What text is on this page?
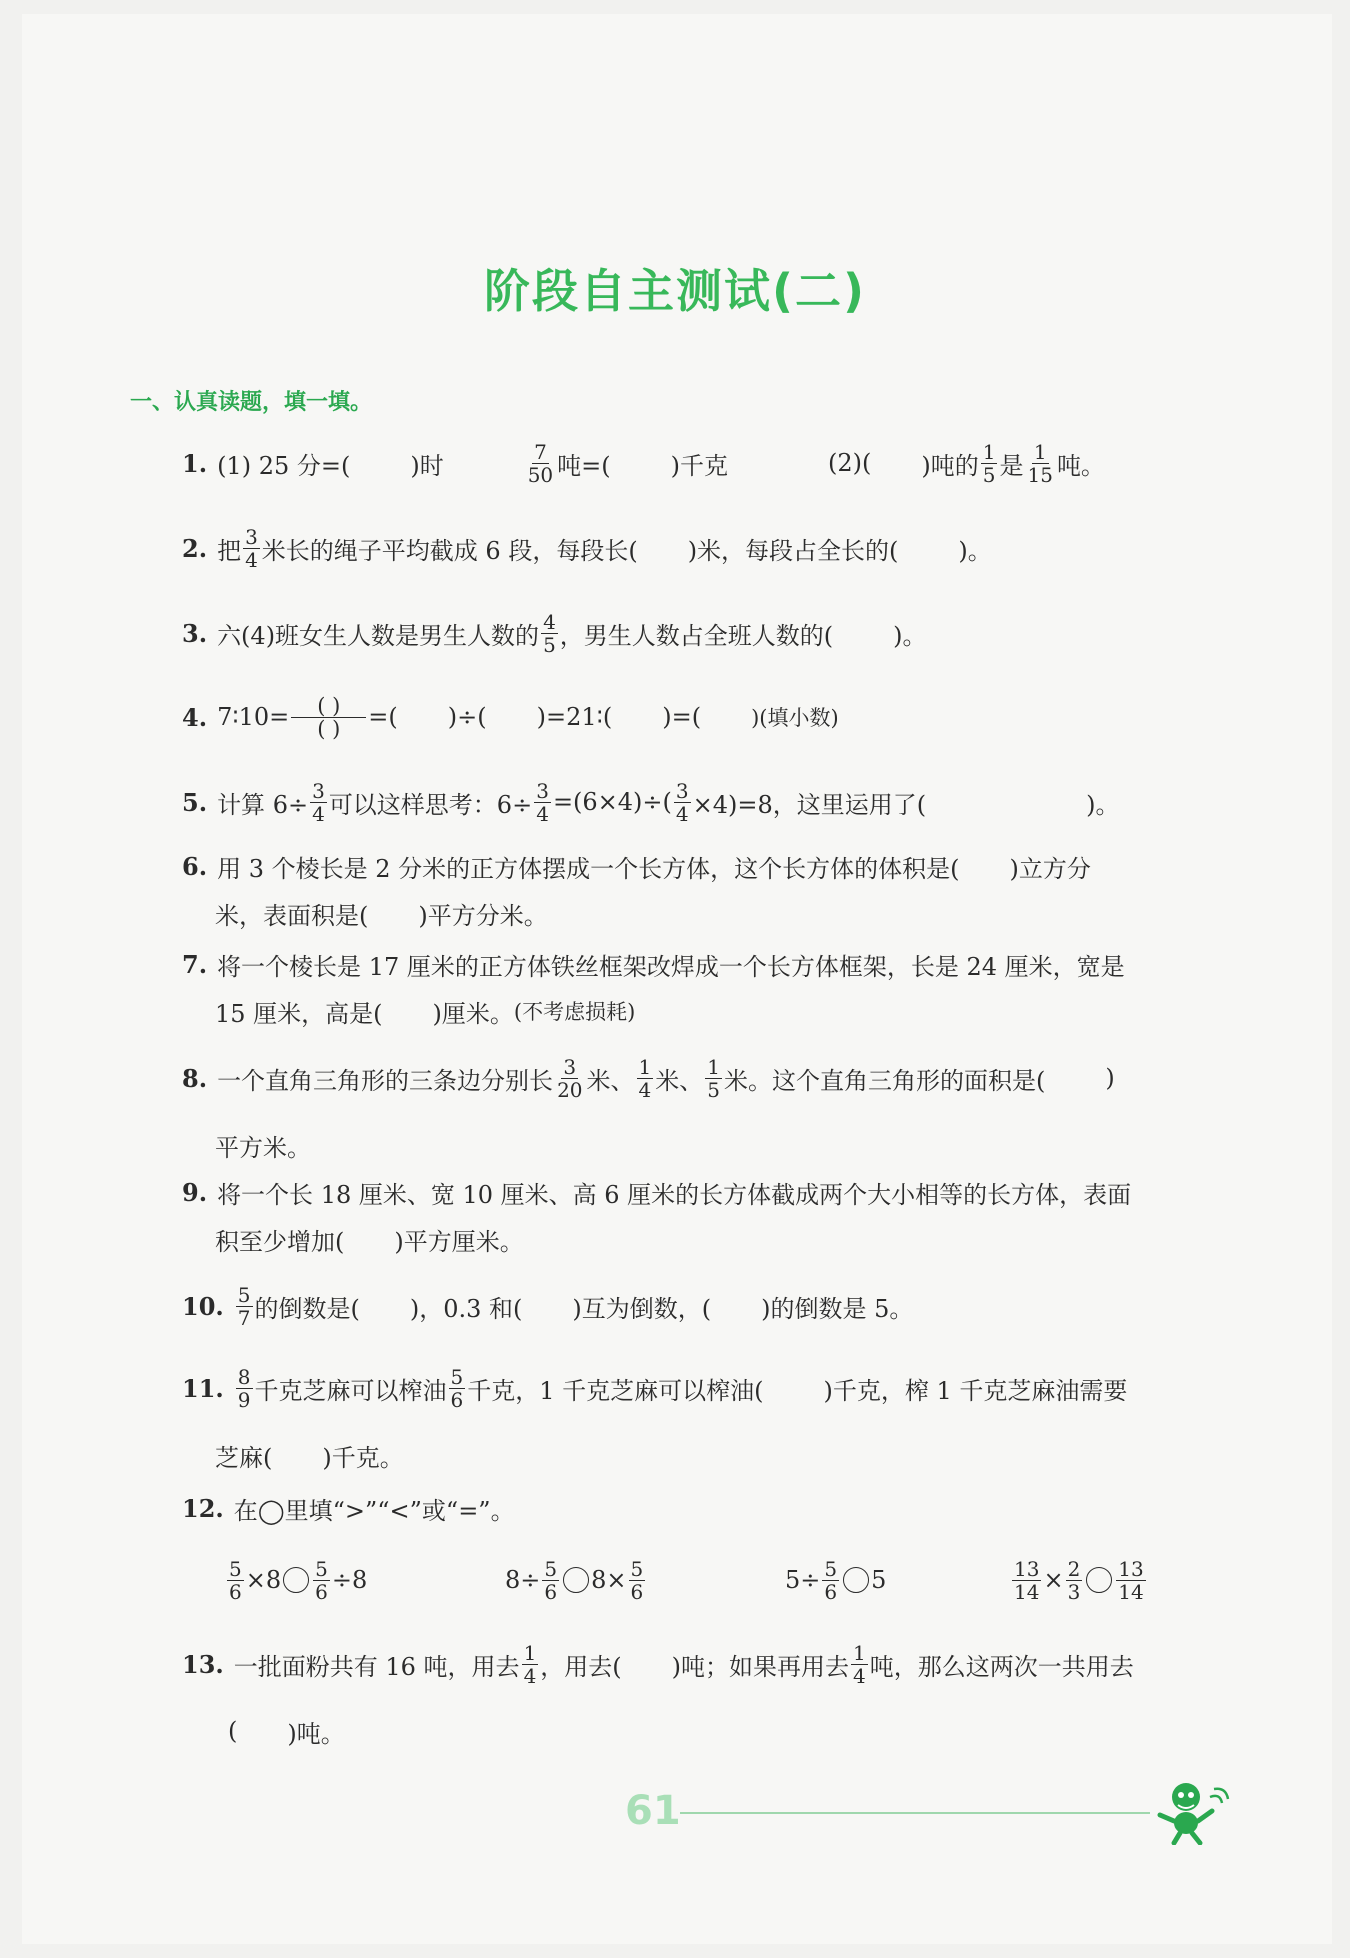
阶段自主测试(二)
一、认真读题，填一填。
1. (1) 25 分=(	)时	$\frac{7}{50}$ 吨=(	)千克	(2)( )吨的 $\frac{1}{5}$ 是 $\frac{1}{15}$ 吨。
2. 把 $\frac{3}{4}$ 米长的绳子平均截成 6 段，每段长( )米，每段占全长的(	)。
3. 六(4)班女生人数是男生人数的 $\frac{4}{5}$ ，男生人数占全班人数的(	)。
4. 7∶10= $\frac{( )}{( )}$ =( )÷( )=21∶( )=( )(填小数)
5. 计算 $6\div \frac{3}{4}$ 可以这样思考：$6\div \frac{3}{4} =(6\times 4)\div( \frac{3}{4} \times 4)=8$，这里运用了(	)。
6. 用 3 个棱长是 2 分米的正方体摆成一个长方体，这个长方体的体积是( )立方分
米，表面积是( )平方分米。
7. 将一个棱长是 17 厘米的正方体铁丝框架改焊成一个长方体框架，长是 24 厘米，宽是
15 厘米，高是( )厘米。 (不考虑损耗)
8. 一个直角三角形的三条边分别长 $\frac{3}{20}$ 米、 $\frac{1}{4}$ 米、 $\frac{1}{5}$ 米。这个直角三角形的面积是(	)
平方米。
9. 将一个长 18 厘米、宽 10 厘米、高 6 厘米的长方体截成两个大小相等的长方体，表面
积至少增加( )平方厘米。
10. $\frac{5}{7}$ 的倒数是( )，0.3 和( )互为倒数，( )的倒数是 5。
11. $\frac{8}{9}$ 千克芝麻可以榨油 $\frac{5}{6}$ 千克，1 千克芝麻可以榨油(	)千克，榨 1 千克芝麻油需要
芝麻( )千克。
12. 在◯里填“>”“<”或“=”。
$\frac{5}{6} \times 8 \frac{5}{6} \div 8$	$8\div \frac{5}{6} 8\times \frac{5}{6}$	$5\div \frac{5}{6} 5$	$\frac{13}{14} \times \frac{2}{3} \frac{13}{14}$
13. 一批面粉共有 16 吨，用去 $\frac{1}{4}$ ，用去( )吨；如果再用去 $\frac{1}{4}$ 吨，那么这两次一共用去
( )吨。
61
